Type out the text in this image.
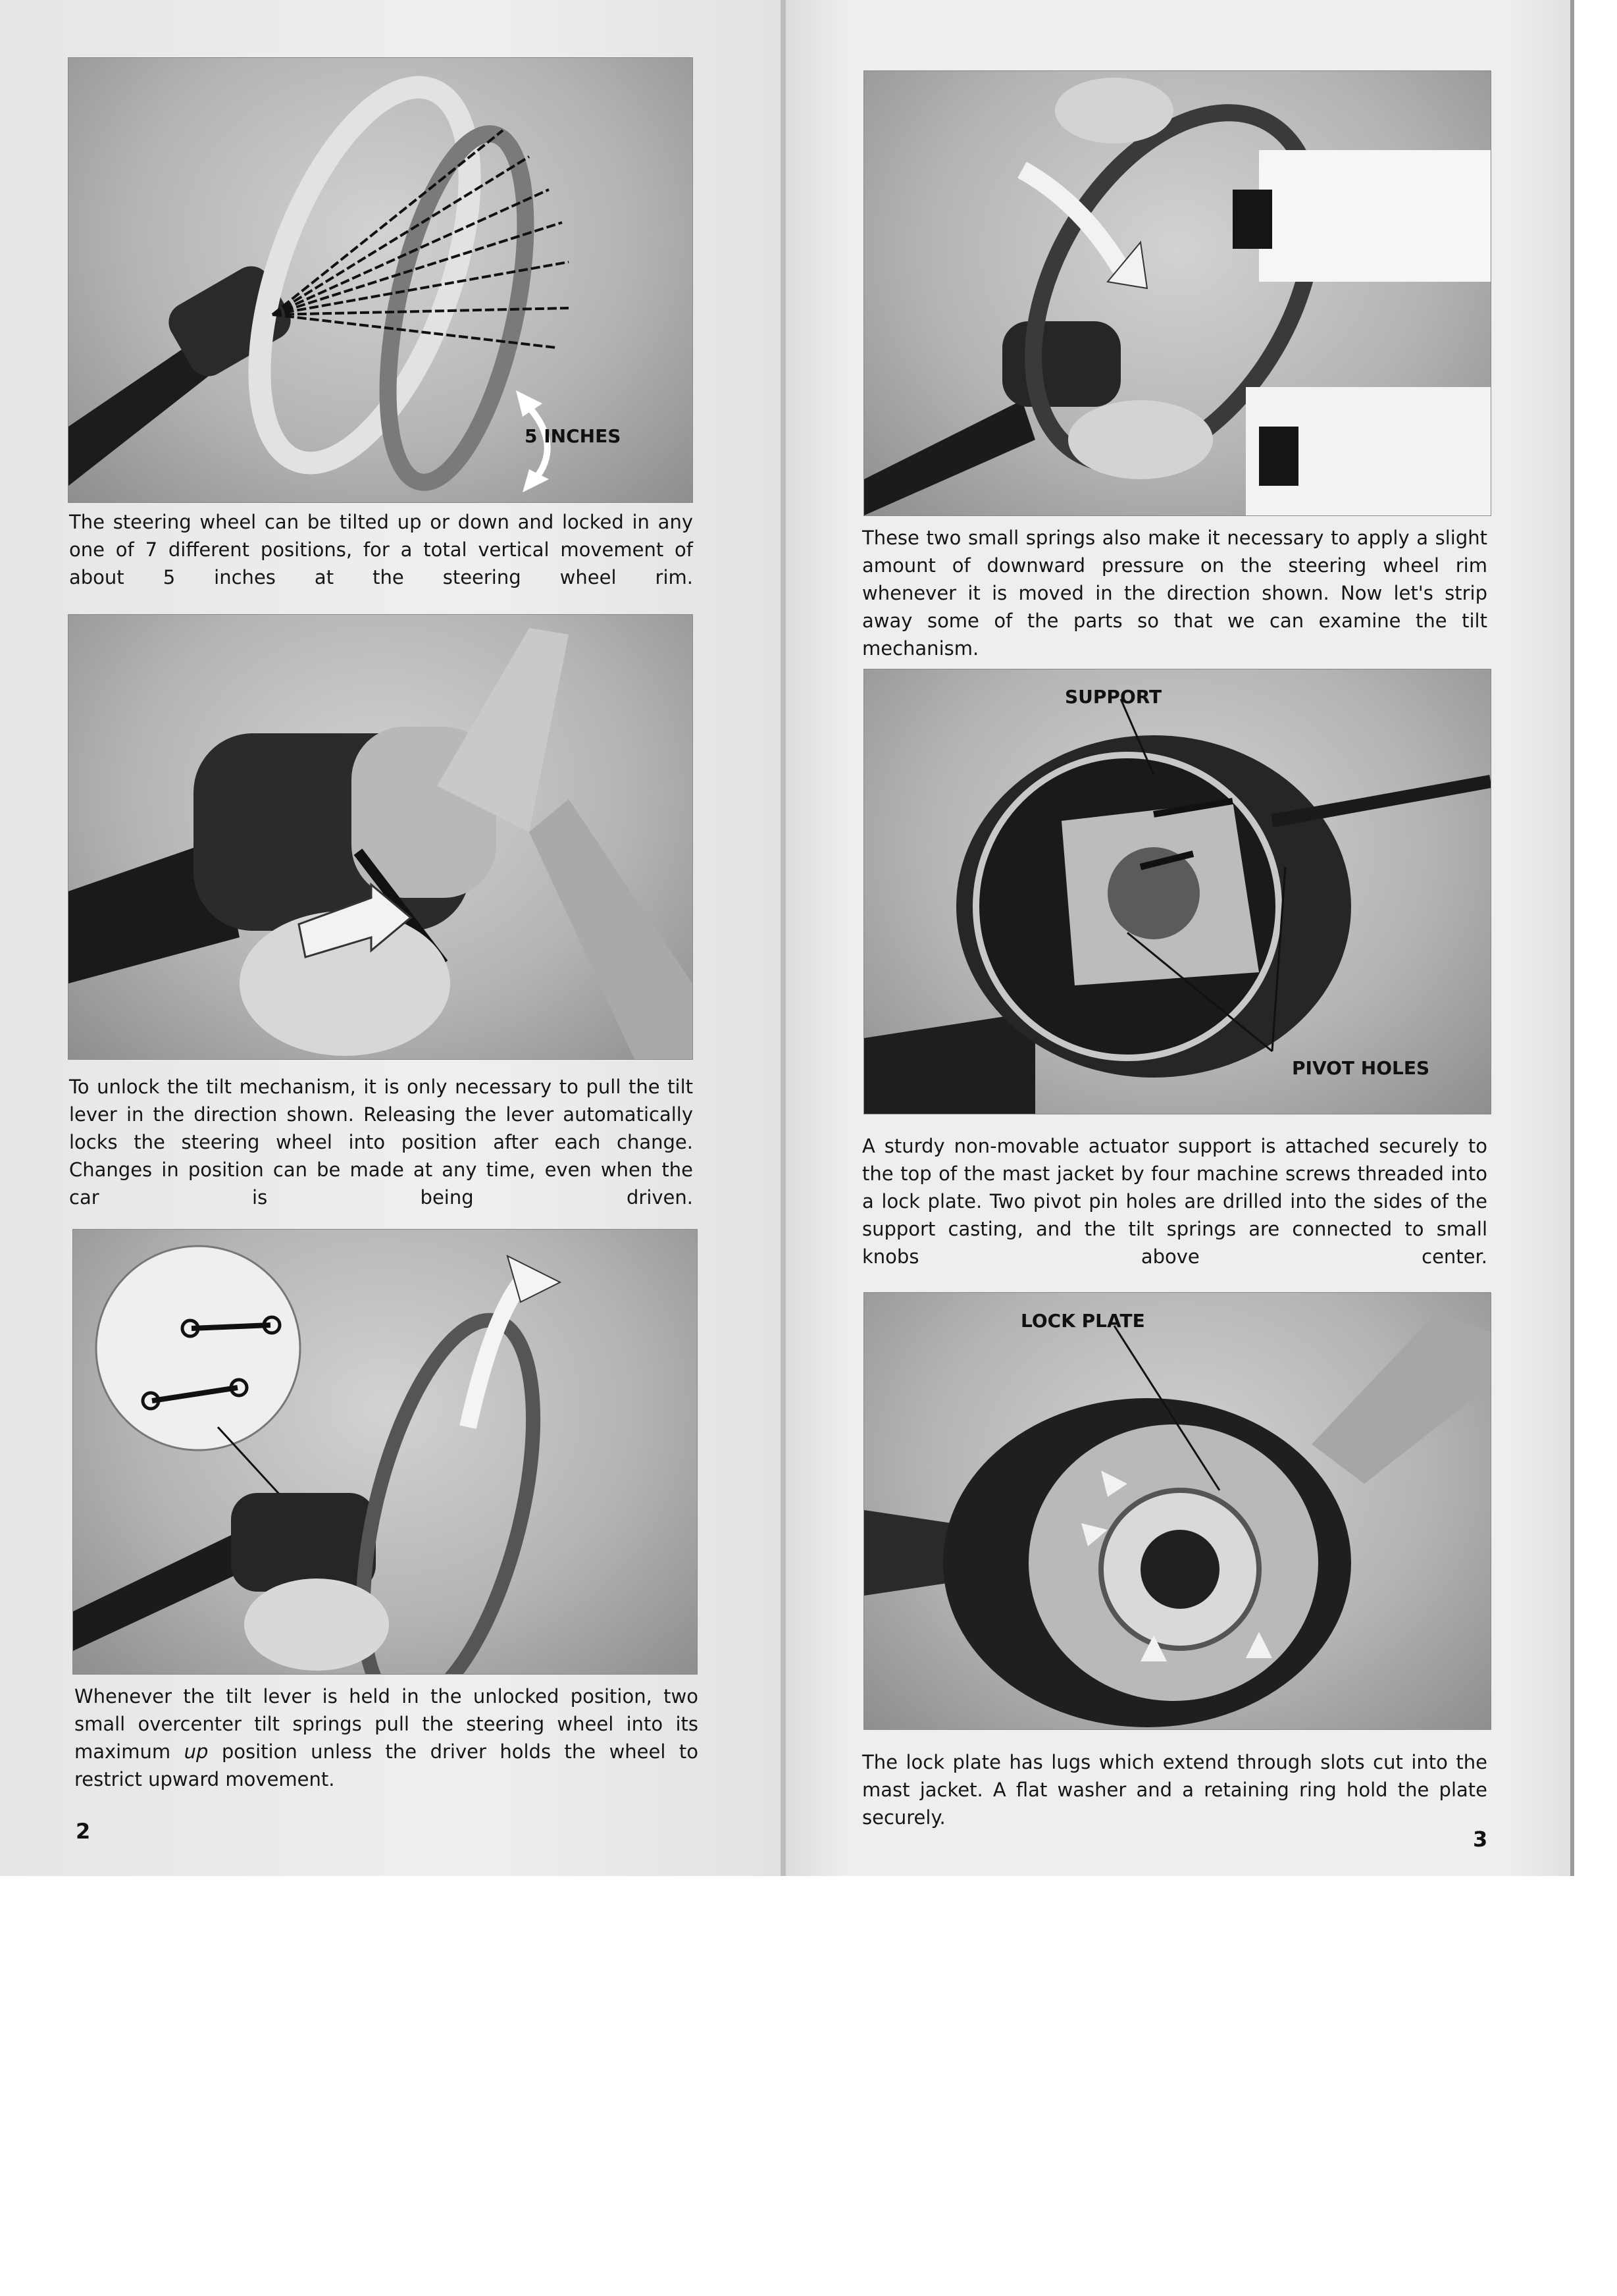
5 INCHES

The steering wheel can be tilted up or down and locked in any one of 7 different positions, for a total vertical movement of about 5 inches at the steering wheel rim.

To unlock the tilt mechanism, it is only necessary to pull the tilt lever in the direction shown. Releasing the lever automatically locks the steering wheel into position after each change. Changes in position can be made at any time, even when the car is being driven.

Whenever the tilt lever is held in the unlocked position, two small overcenter tilt springs pull the steering wheel into its maximum up position unless the driver holds the wheel to restrict upward movement.

2

These two small springs also make it necessary to apply a slight amount of downward pressure on the steering wheel rim whenever it is moved in the direction shown. Now let's strip away some of the parts so that we can examine the tilt mechanism.

SUPPORT
PIVOT HOLES

A sturdy non-movable actuator support is attached securely to the top of the mast jacket by four machine screws threaded into a lock plate. Two pivot pin holes are drilled into the sides of the support casting, and the tilt springs are connected to small knobs above center.

LOCK PLATE

The lock plate has lugs which extend through slots cut into the mast jacket. A flat washer and a retaining ring hold the plate securely.

3
